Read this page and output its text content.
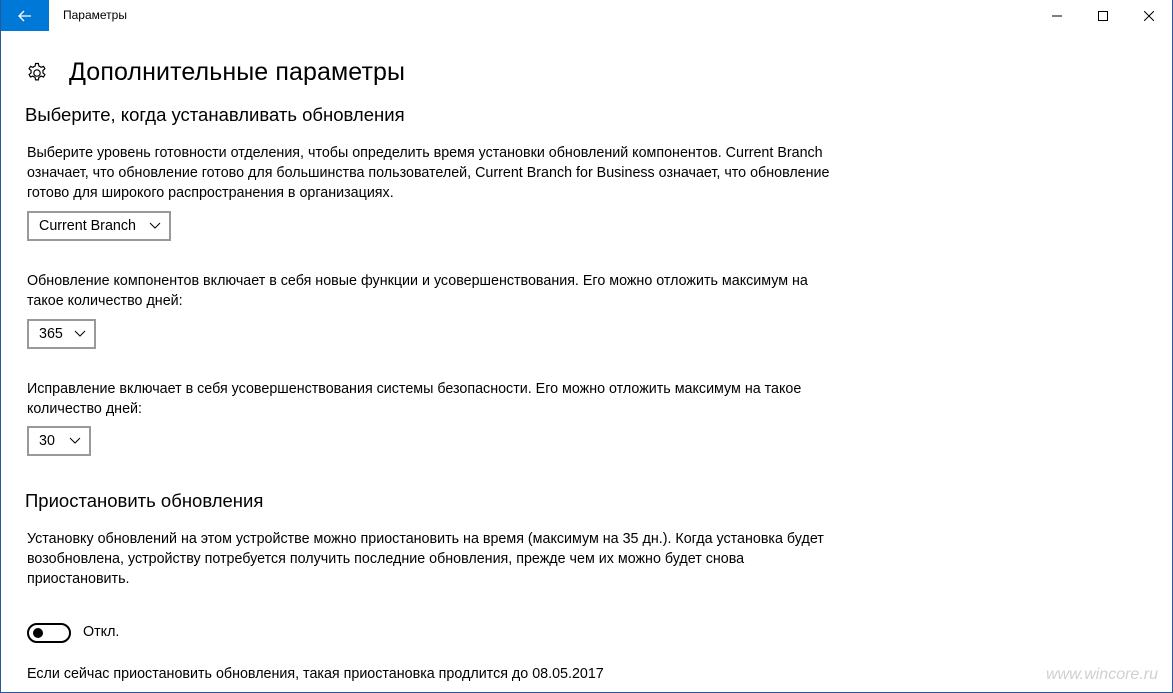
Параметры
Дополнительные параметры
Выберите, когда устанавливать обновления
Выберите уровень готовности отделения, чтобы определить время установки обновлений компонентов. Current Branch означает, что обновление готово для большинства пользователей, Current Branch for Business означает, что обновление готово для широкого распространения в организациях.
Current Branch
Обновление компонентов включает в себя новые функции и усовершенствования. Его можно отложить максимум на такое количество дней:
365
Исправление включает в себя усовершенствования системы безопасности. Его можно отложить максимум на такое количество дней:
30
Приостановить обновления
Установку обновлений на этом устройстве можно приостановить на время (максимум на 35 дн.). Когда установка будет возобновлена, устройству потребуется получить последние обновления, прежде чем их можно будет снова приостановить.
Откл.
Если сейчас приостановить обновления, такая приостановка продлится до 08.05.2017	www.wincore.ru
